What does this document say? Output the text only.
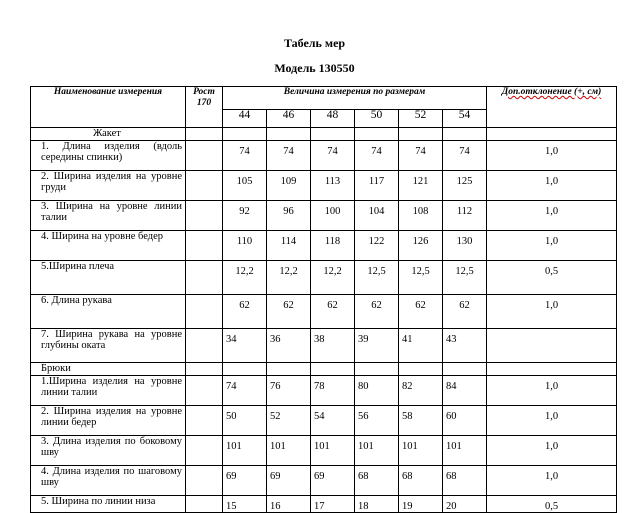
Табель мер
Модель 130550
Наименование измерения	Рост 170	Величина измерения по размерам						Доп.отклонение (+, см)
		44	46	48	50	52	54	
Жакет								
1. Длина изделия (вдоль середины спинки)		74	74	74	74	74	74	1,0
2. Ширина изделия на уровне груди		105	109	113	117	121	125	1,0
3. Ширина на уровне линии талии		92	96	100	104	108	112	1,0
4. Ширина на уровне бедер		110	114	118	122	126	130	1,0
5.Ширина плеча		12,2	12,2	12,2	12,5	12,5	12,5	0,5
6. Длина рукава		62	62	62	62	62	62	1,0
7. Ширина рукава на уровне глубины оката		34	36	38	39	41	43	
Брюки								
1.Ширина изделия на уровне линии талии		74	76	78	80	82	84	1,0
2. Ширина изделия на уровне линии бедер		50	52	54	56	58	60	1,0
3. Длина изделия по боковому шву		101	101	101	101	101	101	1,0
4. Длина изделия по шаговому шву		69	69	69	68	68	68	1,0
5. Ширина по линии низа		15	16	17	18	19	20	0,5
